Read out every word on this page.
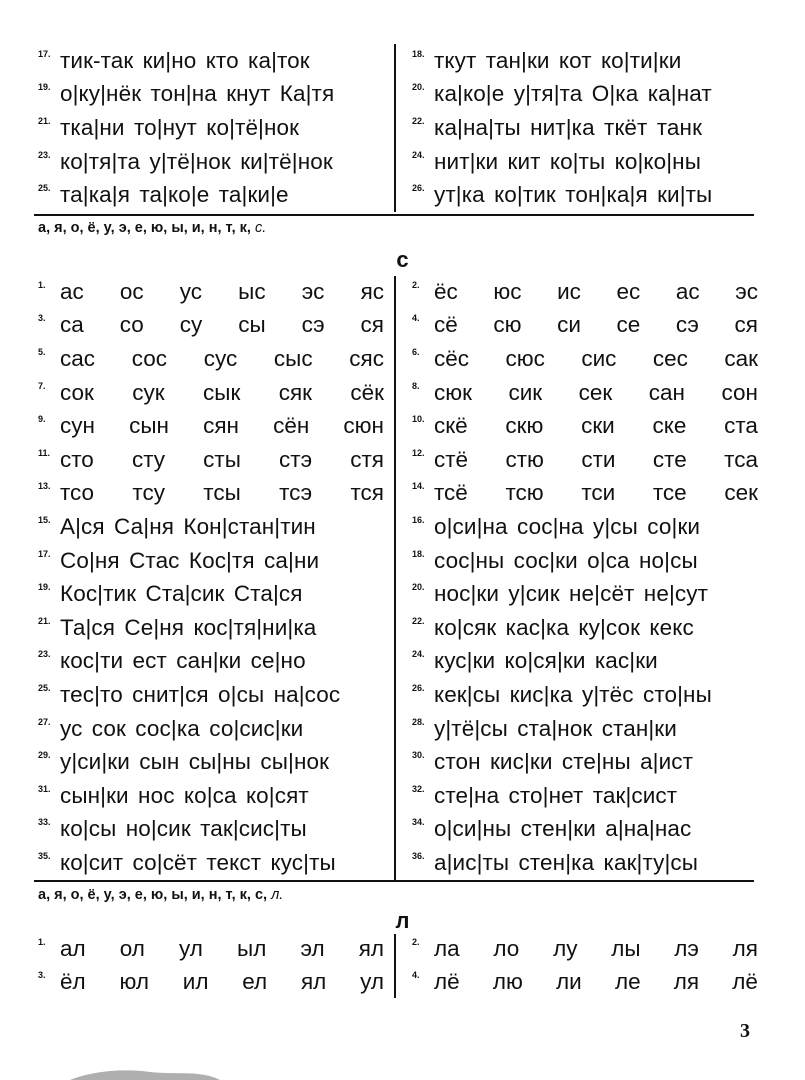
17. тик-так ки|но кто ка|ток
19. о|ку|нёк тон|на кнут Ка|тя
21. тка|ни то|нут ко|тё|нок
23. ко|тя|та у|тё|нок ки|тё|нок
25. та|ка|я та|ко|е та|ки|е
18. ткут тан|ки кот ко|ти|ки
20. ка|ко|е у|тя|та О|ка ка|нат
22. ка|на|ты нит|ка ткёт танк
24. нит|ки кит ко|ты ко|ко|ны
26. ут|ка ко|тик тон|ка|я ки|ты
а, я, о, ё, у, э, е, ю, ы, и, н, т, к, с.
с
1. ас ос ус ыс эс яс
3. са со су сы сэ ся
5. сас сос сус сыс сяс
7. сок сук сык сяк сёк
9. сун сын сян сён сюн
11. сто сту сты стэ стя
13. тсо тсу тсы тсэ тся
15. А|ся Са|ня Кон|стан|тин
17. Со|ня Стас Кос|тя са|ни
19. Кос|тик Ста|сик Ста|ся
21. Та|ся Се|ня кос|тя|ни|ка
23. кос|ти ест сан|ки се|но
25. тес|то снит|ся о|сы на|сос
27. ус сок сос|ка со|сис|ки
29. у|си|ки сын сы|ны сы|нок
31. сын|ки нос ко|са ко|сят
33. ко|сы но|сик так|сис|ты
35. ко|сит со|сёт текст кус|ты
2. ёс юс ис ес ас эс
4. сё сю си се сэ ся
6. сёс сюс сис сес сак
8. сюк сик сек сан сон
10. скё скю ски ске ста
12. стё стю сти сте тса
14. тсё тсю тси тсе сек
16. о|си|на сос|на у|сы со|ки
18. сос|ны сос|ки о|са но|сы
20. нос|ки у|сик не|сёт не|сут
22. ко|сяк кас|ка ку|сок кекс
24. кус|ки ко|ся|ки кас|ки
26. кек|сы кис|ка у|тёс сто|ны
28. у|тё|сы ста|нок стан|ки
30. стон кис|ки сте|ны а|ист
32. сте|на сто|нет так|сист
34. о|си|ны стен|ки а|на|нас
36. а|ис|ты стен|ка как|ту|сы
а, я, о, ё, у, э, е, ю, ы, и, н, т, к, с, л.
л
1. ал ол ул ыл эл ял
3. ёл юл ил ел ял ул
2. ла ло лу лы лэ ля
4. лё лю ли ле ля лё
3
